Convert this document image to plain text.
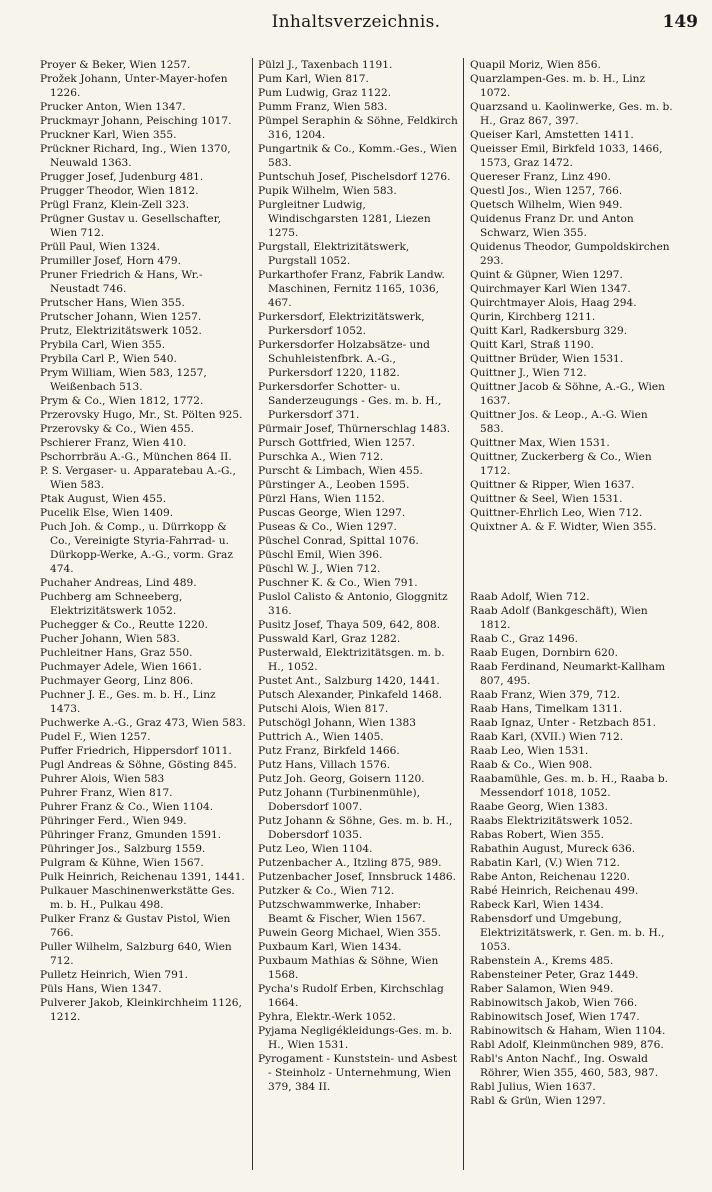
Inhaltsverzeichnis.	149
Proyer & Beker, Wien 1257.
Prožek Johann, Unter-Mayer-hofen 1226.
Prucker Anton, Wien 1347.
Pruckmayr Johann, Peisching 1017.
Pruckner Karl, Wien 355.
Prückner Richard, Ing., Wien 1370, Neuwald 1363.
Prugger Josef, Judenburg 481.
Prugger Theodor, Wien 1812.
Prügl Franz, Klein-Zell 323.
Prügner Gustav u. Gesellschafter, Wien 712.
Prüll Paul, Wien 1324.
Prumiller Josef, Horn 479.
Pruner Friedrich & Hans, Wr.-Neustadt 746.
Prutscher Hans, Wien 355.
Prutscher Johann, Wien 1257.
Prutz, Elektrizitätswerk 1052.
Prybila Carl, Wien 355.
Prybila Carl P., Wien 540.
Prym William, Wien 583, 1257, Weißenbach 513.
Prym & Co., Wien 1812, 1772.
Przerovsky Hugo, Mr., St. Pölten 925.
Przerovsky & Co., Wien 455.
Pschierer Franz, Wien 410.
Pschorrbräu A.-G., München 864 II.
P. S. Vergaser- u. Apparatebau A.-G., Wien 583.
Ptak August, Wien 455.
Pucelik Else, Wien 1409.
Puch Joh. & Comp., u. Dürrkopp & Co., Vereinigte Styria-Fahrrad- u. Dürkopp-Werke, A.-G., vorm. Graz 474.
Puchaher Andreas, Lind 489.
Puchberg am Schneeberg, Elektrizitätswerk 1052.
Puchegger & Co., Reutte 1220.
Pucher Johann, Wien 583.
Puchleitner Hans, Graz 550.
Puchmayer Adele, Wien 1661.
Puchmayer Georg, Linz 806.
Puchner J. E., Ges. m. b. H., Linz 1473.
Puchwerke A.-G., Graz 473, Wien 583.
Pudel F., Wien 1257.
Puffer Friedrich, Hippersdorf 1011.
Pugl Andreas & Söhne, Gösting 845.
Puhrer Alois, Wien 583
Puhrer Franz, Wien 817.
Puhrer Franz & Co., Wien 1104.
Pühringer Ferd., Wien 949.
Pühringer Franz, Gmunden 1591.
Pühringer Jos., Salzburg 1559.
Pulgram & Kühne, Wien 1567.
Pulk Heinrich, Reichenau 1391, 1441.
Pulkauer Maschinenwerkstätte Ges. m. b. H., Pulkau 498.
Pulker Franz & Gustav Pistol, Wien 766.
Puller Wilhelm, Salzburg 640, Wien 712.
Pulletz Heinrich, Wien 791.
Püls Hans, Wien 1347.
Pulverer Jakob, Kleinkirchheim 1126, 1212.
Pülzl J., Taxenbach 1191.
Pum Karl, Wien 817.
Pum Ludwig, Graz 1122.
Pumm Franz, Wien 583.
Pümpel Seraphin & Söhne, Feldkirch 316, 1204.
Pungartnik & Co., Komm.-Ges., Wien 583.
Puntschuh Josef, Pischelsdorf 1276.
Pupik Wilhelm, Wien 583.
Purgleitner Ludwig, Windischgarsten 1281, Liezen 1275.
Purgstall, Elektrizitätswerk, Purgstall 1052.
Purkarthofer Franz, Fabrik Landw. Maschinen, Fernitz 1165, 1036, 467.
Purkersdorf, Elektrizitätswerk, Purkersdorf 1052.
Purkersdorfer Holzabsätze- und Schuhleistenfbrk. A.-G., Purkersdorf 1220, 1182.
Purkersdorfer Schotter- u. Sanderzeugungs - Ges. m. b. H., Purkersdorf 371.
Pürmair Josef, Thürnerschlag 1483.
Pursch Gottfried, Wien 1257.
Purschka A., Wien 712.
Purscht & Limbach, Wien 455.
Pürstinger A., Leoben 1595.
Pürzl Hans, Wien 1152.
Puscas George, Wien 1297.
Puseas & Co., Wien 1297.
Püschel Conrad, Spittal 1076.
Püschl Emil, Wien 396.
Püschl W. J., Wien 712.
Puschner K. & Co., Wien 791.
Puslol Calisto & Antonio, Gloggnitz 316.
Pusitz Josef, Thaya 509, 642, 808.
Pusswald Karl, Graz 1282.
Pusterwald, Elektrizitätsgen. m. b. H., 1052.
Pustet Ant., Salzburg 1420, 1441.
Putsch Alexander, Pinkafeld 1468.
Putschi Alois, Wien 817.
Putschögl Johann, Wien 1383
Puttrich A., Wien 1405.
Putz Franz, Birkfeld 1466.
Putz Hans, Villach 1576.
Putz Joh. Georg, Goisern 1120.
Putz Johann (Turbinenmühle), Dobersdorf 1007.
Putz Johann & Söhne, Ges. m. b. H., Dobersdorf 1035.
Putz Leo, Wien 1104.
Putzenbacher A., Itzling 875, 989.
Putzenbacher Josef, Innsbruck 1486.
Putzker & Co., Wien 712.
Putzschwammwerke, Inhaber: Beamt & Fischer, Wien 1567.
Puwein Georg Michael, Wien 355.
Puxbaum Karl, Wien 1434.
Puxbaum Mathias & Söhne, Wien 1568.
Pycha's Rudolf Erben, Kirchschlag 1664.
Pyhra, Elektr.-Werk 1052.
Pyjama Negligékleidungs-Ges. m. b. H., Wien 1531.
Pyrogament - Kunststein- und Asbest - Steinholz - Unternehmung, Wien 379, 384 II.
Quapil Moriz, Wien 856.
Quarzlampen-Ges. m. b. H., Linz 1072.
Quarzsand u. Kaolinwerke, Ges. m. b. H., Graz 867, 397.
Queiser Karl, Amstetten 1411.
Queisser Emil, Birkfeld 1033, 1466, 1573, Graz 1472.
Quereser Franz, Linz 490.
Questl Jos., Wien 1257, 766.
Quetsch Wilhelm, Wien 949.
Quidenus Franz Dr. und Anton Schwarz, Wien 355.
Quidenus Theodor, Gumpoldskirchen 293.
Quint & Güpner, Wien 1297.
Quirchmayer Karl Wien 1347.
Quirchtmayer Alois, Haag 294.
Qurin, Kirchberg 1211.
Quitt Karl, Radkersburg 329.
Quitt Karl, Straß 1190.
Quittner Brüder, Wien 1531.
Quittner J., Wien 712.
Quittner Jacob & Söhne, A.-G., Wien 1637.
Quittner Jos. & Leop., A.-G. Wien 583.
Quittner Max, Wien 1531.
Quittner, Zuckerberg & Co., Wien 1712.
Quittner & Ripper, Wien 1637.
Quittner & Seel, Wien 1531.
Quittner-Ehrlich Leo, Wien 712.
Quixtner A. & F. Widter, Wien 355.
Raab Adolf, Wien 712.
Raab Adolf (Bankgeschäft), Wien 1812.
Raab C., Graz 1496.
Raab Eugen, Dornbirn 620.
Raab Ferdinand, Neumarkt-Kallham 807, 495.
Raab Franz, Wien 379, 712.
Raab Hans, Timelkam 1311.
Raab Ignaz, Unter - Retzbach 851.
Raab Karl, (XVII.) Wien 712.
Raab Leo, Wien 1531.
Raab & Co., Wien 908.
Raabamühle, Ges. m. b. H., Raaba b. Messendorf 1018, 1052.
Raabe Georg, Wien 1383.
Raabs Elektrizitätswerk 1052.
Rabas Robert, Wien 355.
Rabathin August, Mureck 636.
Rabatin Karl, (V.) Wien 712.
Rabe Anton, Reichenau 1220.
Rabé Heinrich, Reichenau 499.
Rabeck Karl, Wien 1434.
Rabensdorf und Umgebung, Elektrizitätswerk, r. Gen. m. b. H., 1053.
Rabenstein A., Krems 485.
Rabensteiner Peter, Graz 1449.
Raber Salamon, Wien 949.
Rabinowitsch Jakob, Wien 766.
Rabinowitsch Josef, Wien 1747.
Rabinowitsch & Haham, Wien 1104.
Rabl Adolf, Kleinmünchen 989, 876.
Rabl's Anton Nachf., Ing. Oswald Röhrer, Wien 355, 460, 583, 987.
Rabl Julius, Wien 1637.
Rabl & Grün, Wien 1297.
